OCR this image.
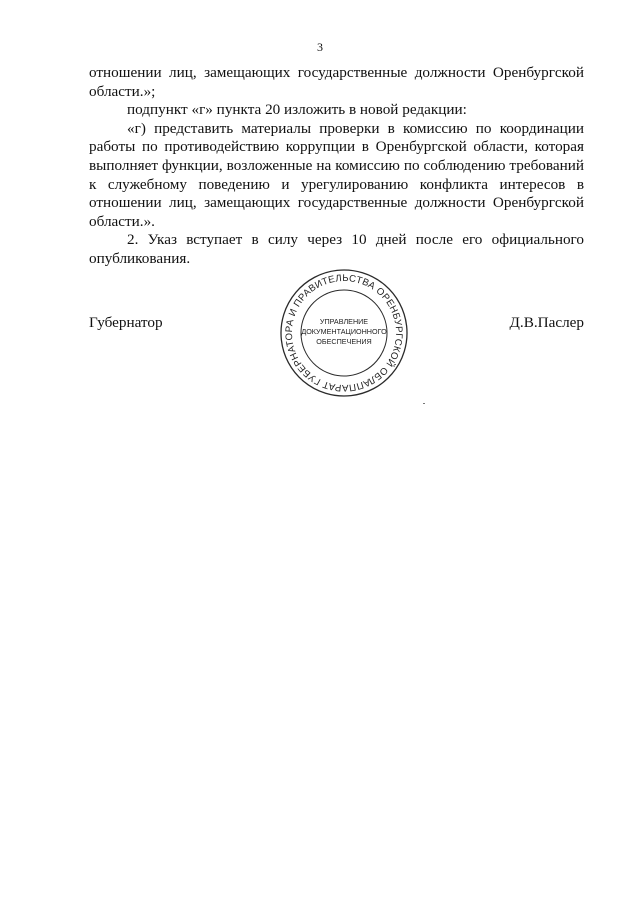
3

отношении лиц, замещающих государственные должности Оренбургской области.»;

подпункт «г» пункта 20 изложить в новой редакции:

«г) представить материалы проверки в комиссию по координации работы по противодействию коррупции в Оренбургской области, которая выполняет функции, возложенные на комиссию по соблюдению требований к служебному поведению и урегулированию конфликта интересов в отношении лиц, замещающих государственные должности Оренбургской области.».

2. Указ вступает в силу через 10 дней после его официального опубликования.

Губернатор	Д.В.Паслер
АППАРАТ ГУБЕРНАТОРА И ПРАВИТЕЛЬСТВА ОРЕНБУРГСКОЙ ОБЛАСТИ
УПРАВЛЕНИЕ
ДОКУМЕНТАЦИОННОГО
ОБЕСПЕЧЕНИЯ
